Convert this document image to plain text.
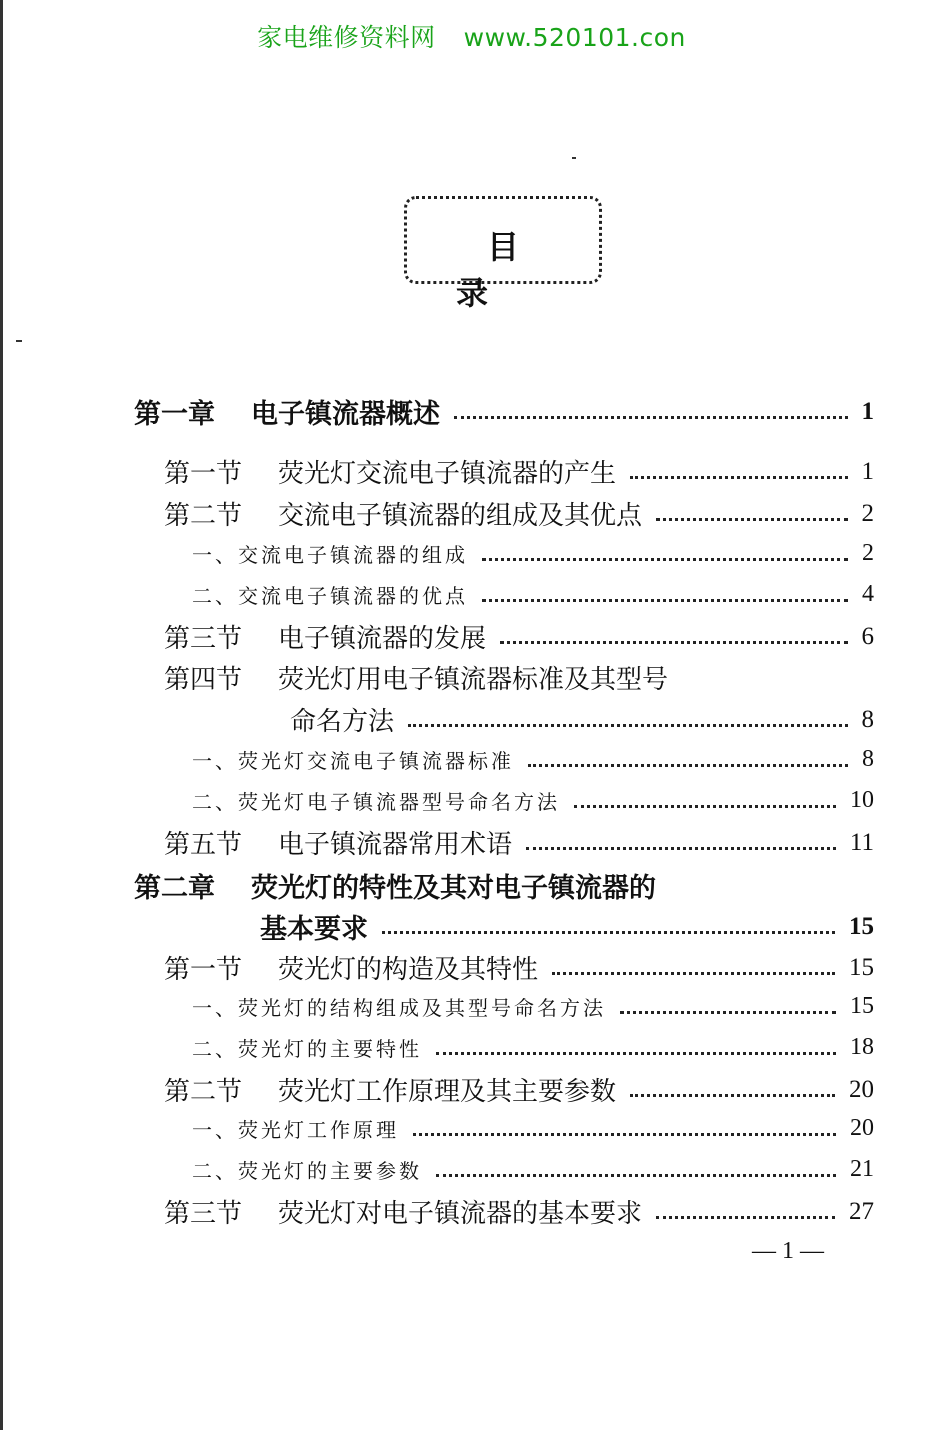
家电维修资料网 www.520101.con
目录
第一章 电子镇流器概述	1
第一节 荧光灯交流电子镇流器的产生	1
第二节 交流电子镇流器的组成及其优点	2
一、交流电子镇流器的组成	2
二、交流电子镇流器的优点	4
第三节 电子镇流器的发展	6
第四节 荧光灯用电子镇流器标准及其型号
命名方法	8
一、荧光灯交流电子镇流器标准	8
二、荧光灯电子镇流器型号命名方法	10
第五节 电子镇流器常用术语	11
第二章 荧光灯的特性及其对电子镇流器的
基本要求	15
第一节 荧光灯的构造及其特性	15
一、荧光灯的结构组成及其型号命名方法	15
二、荧光灯的主要特性	18
第二节 荧光灯工作原理及其主要参数	20
一、荧光灯工作原理	20
二、荧光灯的主要参数	21
第三节 荧光灯对电子镇流器的基本要求	27
— 1 —
